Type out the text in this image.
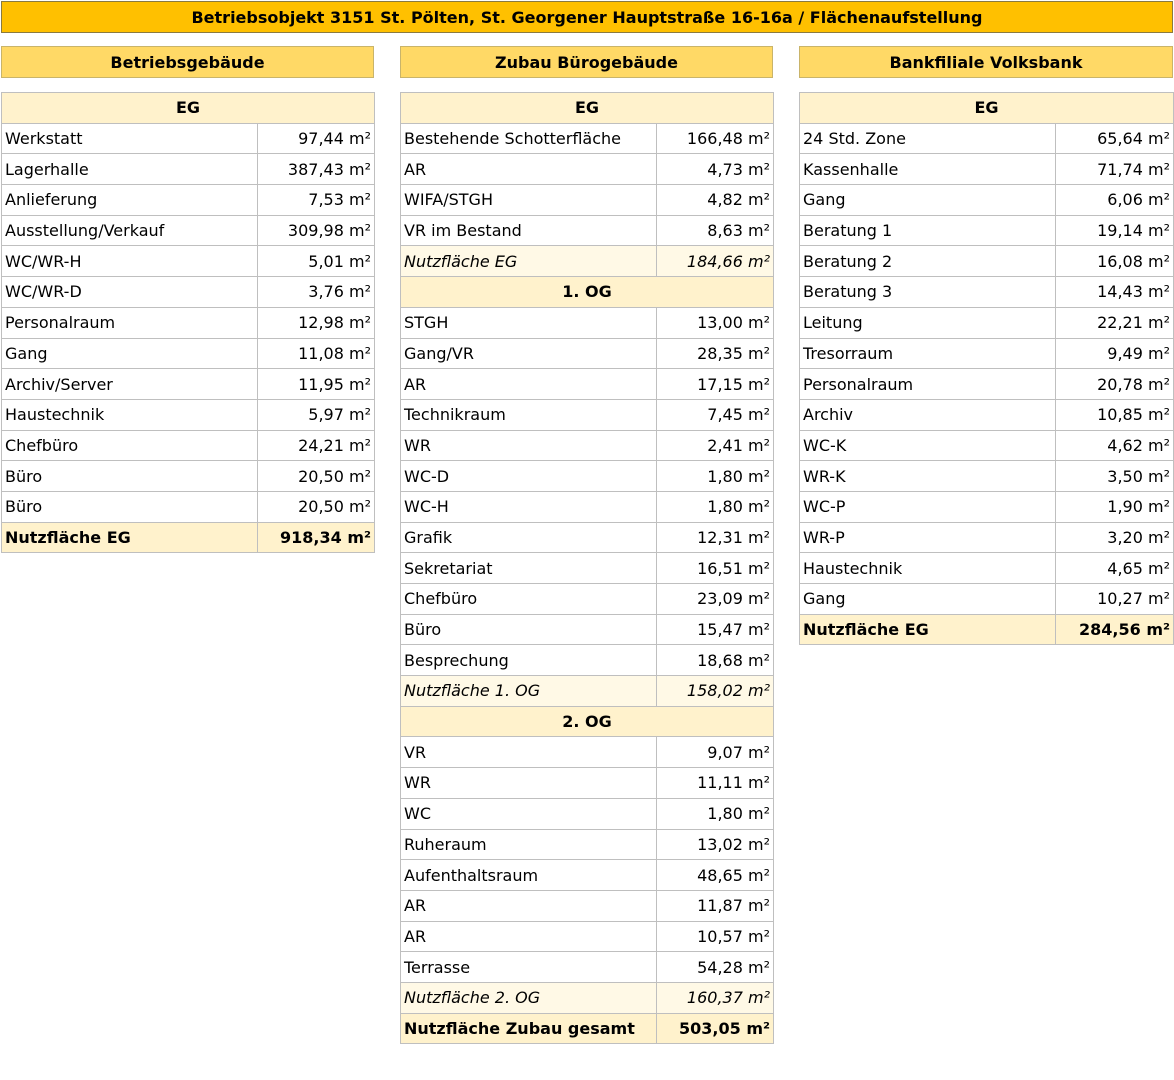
Betriebsobjekt 3151 St. Pölten, St. Georgener Hauptstraße 16-16a / Flächenaufstellung
Betriebsgebäude	Zubau Bürogebäude	Bankfiliale Volksbank
EG	
Werkstatt	97,44 m²
Lagerhalle	387,43 m²
Anlieferung	7,53 m²
Ausstellung/Verkauf	309,98 m²
WC/WR-H	5,01 m²
WC/WR-D	3,76 m²
Personalraum	12,98 m²
Gang	11,08 m²
Archiv/Server	11,95 m²
Haustechnik	5,97 m²
Chefbüro	24,21 m²
Büro	20,50 m²
Büro	20,50 m²
Nutzfläche EG	918,34 m²
EG	
Bestehende Schotterfläche	166,48 m²
AR	4,73 m²
WIFA/STGH	4,82 m²
VR im Bestand	8,63 m²
Nutzfläche EG	184,66 m²
1. OG	
STGH	13,00 m²
Gang/VR	28,35 m²
AR	17,15 m²
Technikraum	7,45 m²
WR	2,41 m²
WC-D	1,80 m²
WC-H	1,80 m²
Grafik	12,31 m²
Sekretariat	16,51 m²
Chefbüro	23,09 m²
Büro	15,47 m²
Besprechung	18,68 m²
Nutzfläche 1. OG	158,02 m²
2. OG	
VR	9,07 m²
WR	11,11 m²
WC	1,80 m²
Ruheraum	13,02 m²
Aufenthaltsraum	48,65 m²
AR	11,87 m²
AR	10,57 m²
Terrasse	54,28 m²
Nutzfläche 2. OG	160,37 m²
Nutzfläche Zubau gesamt	503,05 m²
EG	
24 Std. Zone	65,64 m²
Kassenhalle	71,74 m²
Gang	6,06 m²
Beratung 1	19,14 m²
Beratung 2	16,08 m²
Beratung 3	14,43 m²
Leitung	22,21 m²
Tresorraum	9,49 m²
Personalraum	20,78 m²
Archiv	10,85 m²
WC-K	4,62 m²
WR-K	3,50 m²
WC-P	1,90 m²
WR-P	3,20 m²
Haustechnik	4,65 m²
Gang	10,27 m²
Nutzfläche EG	284,56 m²
